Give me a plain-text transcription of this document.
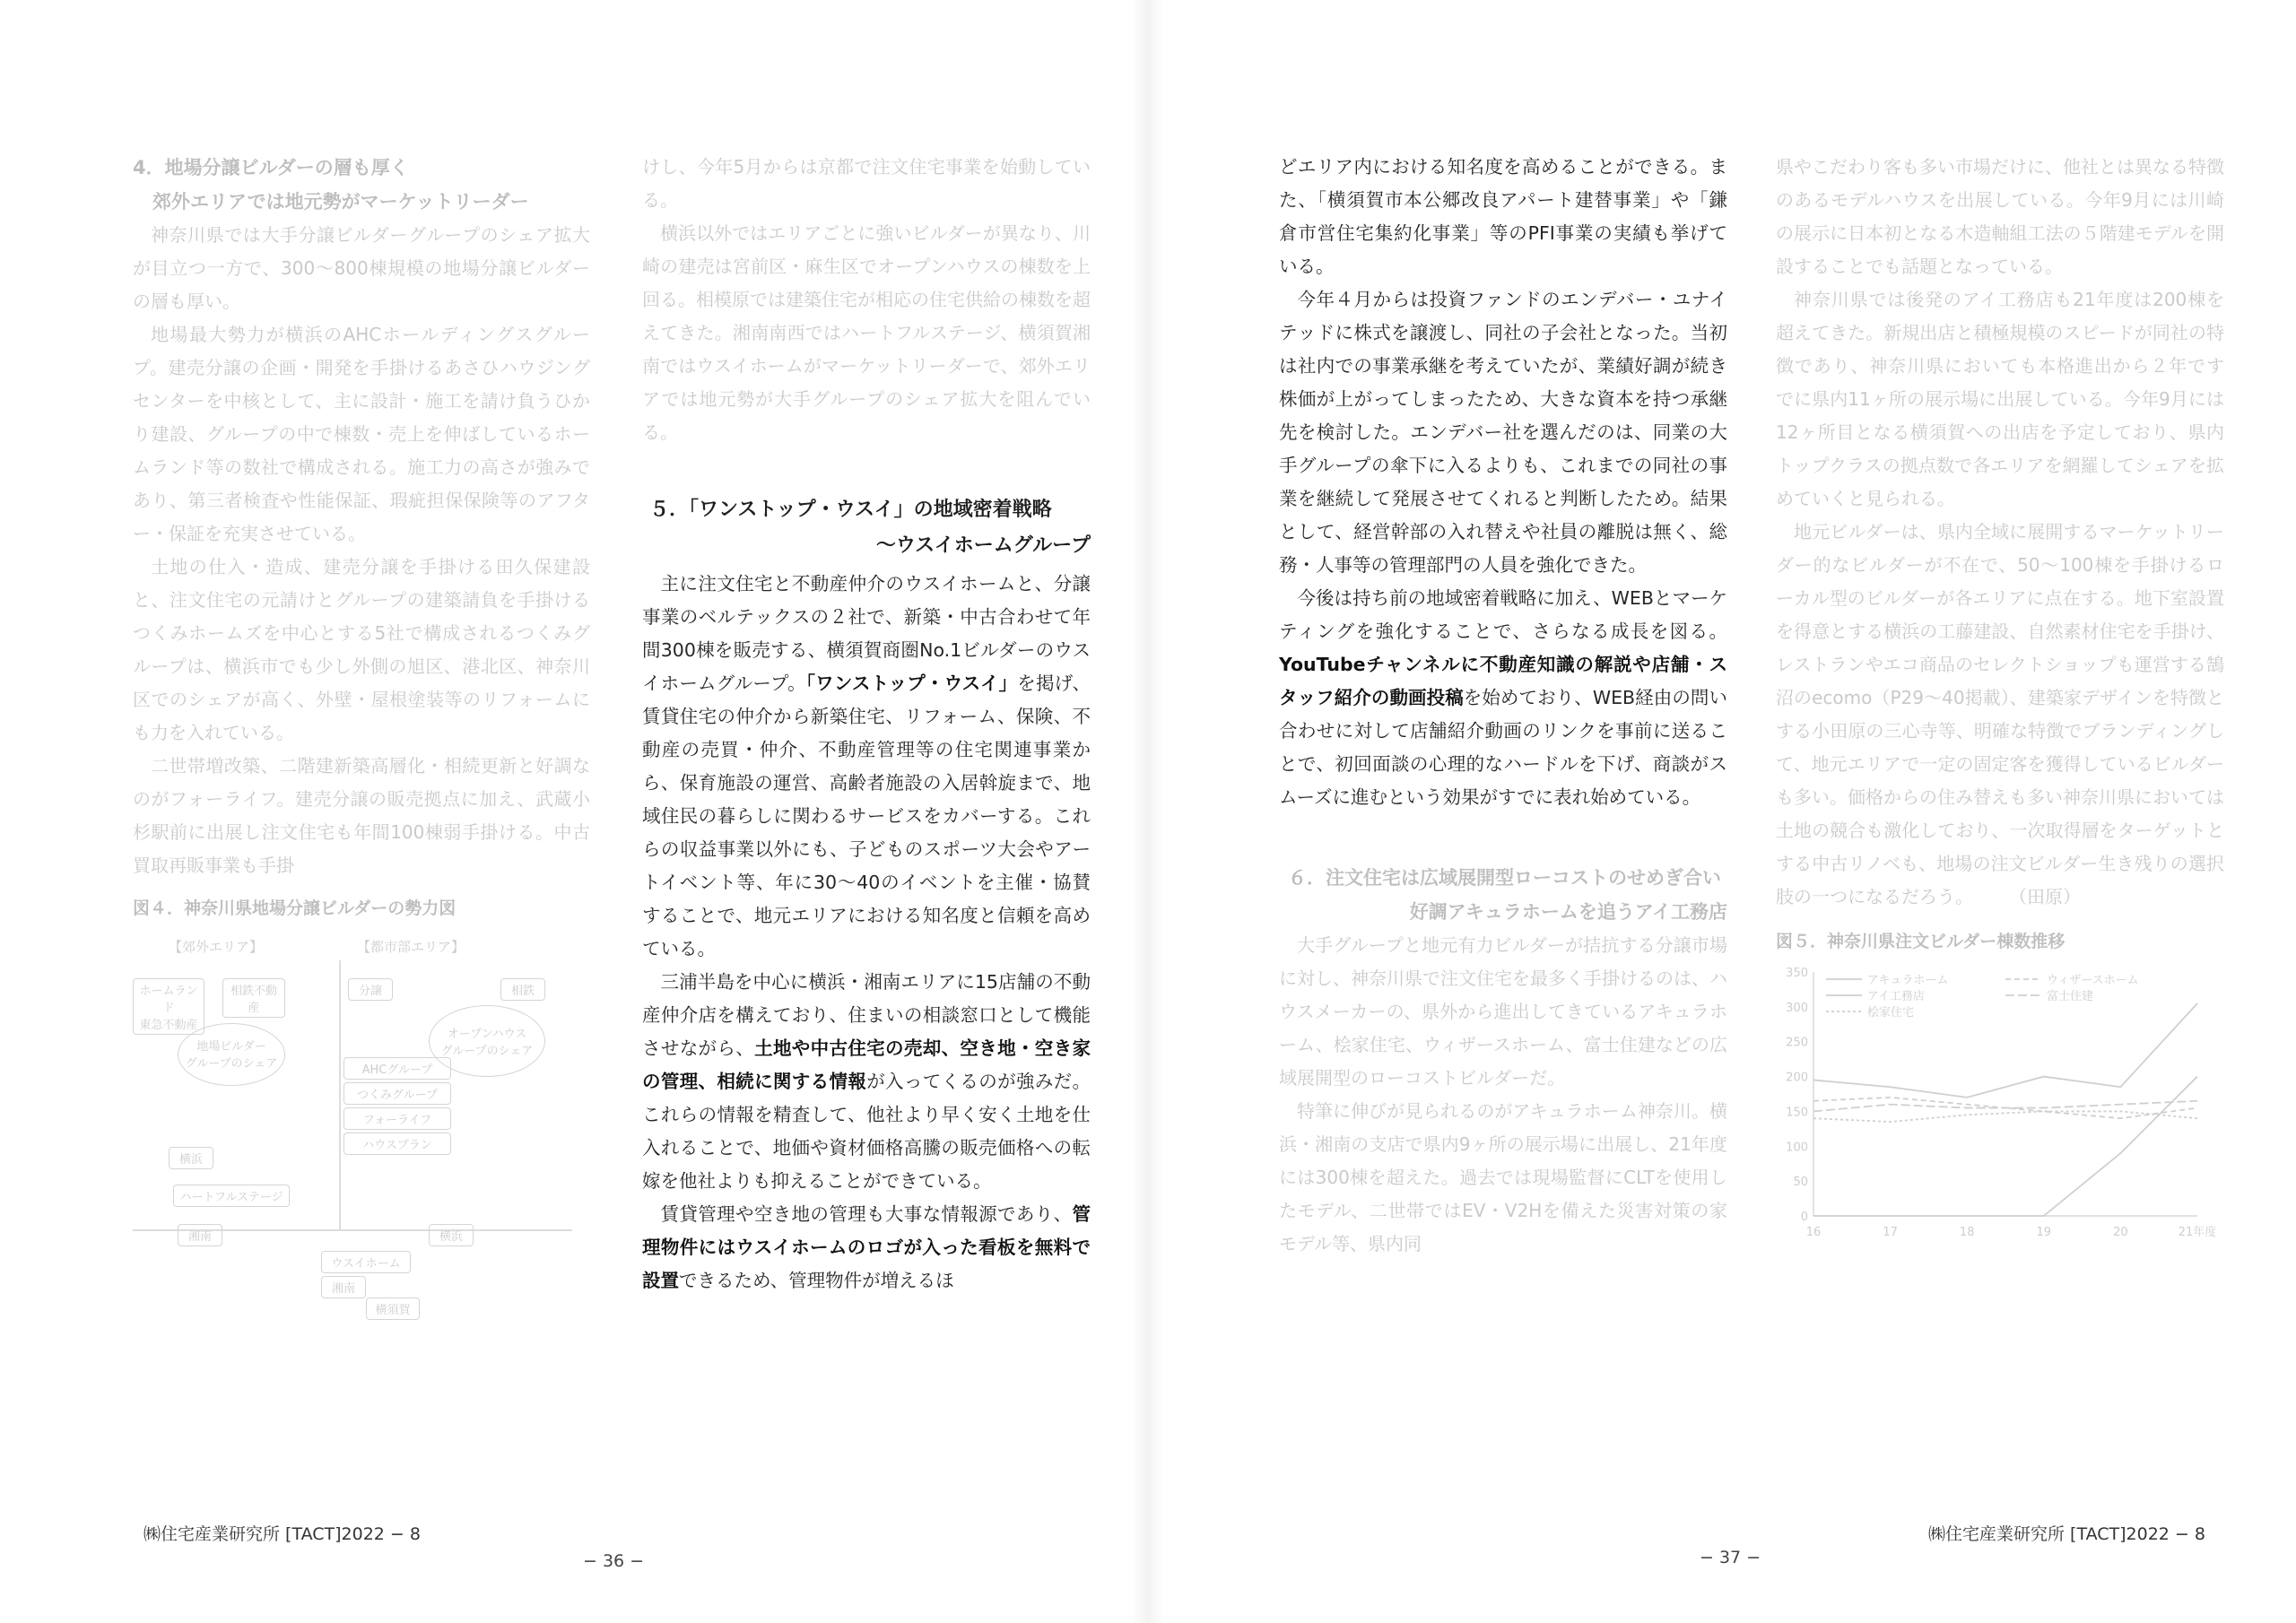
4．地場分譲ビルダーの層も厚く
郊外エリアでは地元勢がマーケットリーダー

神奈川県では大手分譲ビルダーグループのシェア拡大が目立つ一方で、300〜800棟規模の地場分譲ビルダーの層も厚い。

地場最大勢力が横浜のAHCホールディングスグループ。建売分譲の企画・開発を手掛けるあさひハウジングセンターを中核として、主に設計・施工を請け負うひかり建設、グループの中で棟数・売上を伸ばしているホームランド等の数社で構成される。施工力の高さが強みであり、第三者検査や性能保証、瑕疵担保保険等のアフター・保証を充実させている。

土地の仕入・造成、建売分譲を手掛ける田久保建設と、注文住宅の元請けとグループの建築請負を手掛けるつくみホームズを中心とする5社で構成されるつくみグループは、横浜市でも少し外側の旭区、港北区、神奈川区でのシェアが高く、外壁・屋根塗装等のリフォームにも力を入れている。

二世帯増改築、二階建新築高層化・相続更新と好調なのがフォーライフ。建売分譲の販売拠点に加え、武蔵小杉駅前に出展し注文住宅も年間100棟弱手掛ける。中古買取再販事業も手掛

図４．神奈川県地場分譲ビルダーの勢力図
【郊外エリア】	【都市部エリア】
ホームランド
東急不動産
相鉄不動産
分譲	相鉄
地場ビルダー
グループのシェア
オープンハウス
グループのシェア
AHCグループ
つくみグループ
フォーライフ
ハウスプラン
横浜
ハートフルステージ
湘南	横浜
ウスイホーム
湘南
横須賀

けし、今年5月からは京都で注文住宅事業を始動している。

横浜以外ではエリアごとに強いビルダーが異なり、川崎の建売は宮前区・麻生区でオープンハウスの棟数を上回る。相模原では建築住宅が相応の住宅供給の棟数を超えてきた。湘南南西ではハートフルステージ、横須賀湘南ではウスイホームがマーケットリーダーで、郊外エリアでは地元勢が大手グループのシェア拡大を阻んでいる。

５．「ワンストップ・ウスイ」の地域密着戦略
〜ウスイホームグループ

主に注文住宅と不動産仲介のウスイホームと、分譲事業のベルテックスの２社で、新築・中古合わせて年間300棟を販売する、横須賀商圏No.1ビルダーのウスイホームグループ。「ワンストップ・ウスイ」を掲げ、賃貸住宅の仲介から新築住宅、リフォーム、保険、不動産の売買・仲介、不動産管理等の住宅関連事業から、保育施設の運営、高齢者施設の入居斡旋まで、地域住民の暮らしに関わるサービスをカバーする。これらの収益事業以外にも、子どものスポーツ大会やアートイベント等、年に30〜40のイベントを主催・協賛することで、地元エリアにおける知名度と信頼を高めている。

三浦半島を中心に横浜・湘南エリアに15店舗の不動産仲介店を構えており、住まいの相談窓口として機能させながら、土地や中古住宅の売却、空き地・空き家の管理、相続に関する情報が入ってくるのが強みだ。これらの情報を精査して、他社より早く安く土地を仕入れることで、地価や資材価格高騰の販売価格への転嫁を他社よりも抑えることができている。

賃貸管理や空き地の管理も大事な情報源であり、管理物件にはウスイホームのロゴが入った看板を無料で設置できるため、管理物件が増えるほ

㈱住宅産業研究所 [TACT]2022 − 8
− 36 −

どエリア内における知名度を高めることができる。また、「横須賀市本公郷改良アパート建替事業」や「鎌倉市営住宅集約化事業」等のPFI事業の実績も挙げている。

今年４月からは投資ファンドのエンデバー・ユナイテッドに株式を譲渡し、同社の子会社となった。当初は社内での事業承継を考えていたが、業績好調が続き株価が上がってしまったため、大きな資本を持つ承継先を検討した。エンデバー社を選んだのは、同業の大手グループの傘下に入るよりも、これまでの同社の事業を継続して発展させてくれると判断したため。結果として、経営幹部の入れ替えや社員の離脱は無く、総務・人事等の管理部門の人員を強化できた。

今後は持ち前の地域密着戦略に加え、WEBとマーケティングを強化することで、さらなる成長を図る。YouTubeチャンネルに不動産知識の解説や店舗・スタッフ紹介の動画投稿を始めており、WEB経由の問い合わせに対して店舗紹介動画のリンクを事前に送ることで、初回面談の心理的なハードルを下げ、商談がスムーズに進むという効果がすでに表れ始めている。

６．注文住宅は広域展開型ローコストのせめぎ合い
好調アキュラホームを追うアイ工務店

大手グループと地元有力ビルダーが拮抗する分譲市場に対し、神奈川県で注文住宅を最多く手掛けるのは、ハウスメーカーの、県外から進出してきているアキュラホーム、桧家住宅、ウィザースホーム、富士住建などの広域展開型のローコストビルダーだ。

特筆に伸びが見られるのがアキュラホーム神奈川。横浜・湘南の支店で県内9ヶ所の展示場に出展し、21年度には300棟を超えた。過去では現場監督にCLTを使用したモデル、二世帯ではEV・V2Hを備えた災害対策の家モデル等、県内同

県やこだわり客も多い市場だけに、他社とは異なる特徴のあるモデルハウスを出展している。今年9月には川崎の展示に日本初となる木造軸組工法の５階建モデルを開設することでも話題となっている。

神奈川県では後発のアイ工務店も21年度は200棟を超えてきた。新規出店と積極規模のスピードが同社の特徴であり、神奈川県においても本格進出から２年ですでに県内11ヶ所の展示場に出展している。今年9月には12ヶ所目となる横須賀への出店を予定しており、県内トップクラスの拠点数で各エリアを網羅してシェアを拡めていくと見られる。

地元ビルダーは、県内全域に展開するマーケットリーダー的なビルダーが不在で、50〜100棟を手掛けるローカル型のビルダーが各エリアに点在する。地下室設置を得意とする横浜の工藤建設、自然素材住宅を手掛け、レストランやエコ商品のセレクトショップも運営する鵠沼のecomo（P29〜40掲載）、建築家デザインを特徴とする小田原の三心寺等、明確な特徴でブランディングして、地元エリアで一定の固定客を獲得しているビルダーも多い。価格からの住み替えも多い神奈川県においては土地の競合も激化しており、一次取得層をターゲットとする中古リノベも、地場の注文ビルダー生き残りの選択肢の一つになるだろう。　　　（田原）

図５．神奈川県注文ビルダー棟数推移
0
50
100
150
200
250
300
350
16	17	18	19	20	21年度
アキュラホーム	ウィザースホーム
アイ工務店	富士住建
桧家住宅
㈱住宅産業研究所 [TACT]2022 − 8
− 37 −
